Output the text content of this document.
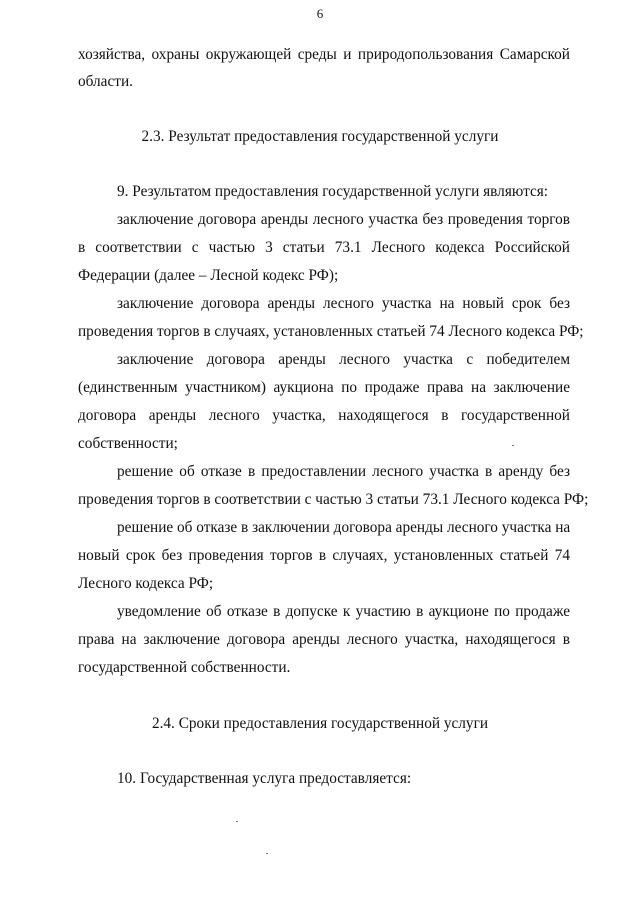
6
хозяйства, охраны окружающей среды и природопользования Самарской
области.
2.3. Результат предоставления государственной услуги
9. Результатом предоставления государственной услуги являются:
заключение договора аренды лесного участка без проведения торгов
в соответствии с частью 3 статьи 73.1 Лесного кодекса Российской
Федерации (далее – Лесной кодекс РФ);
заключение договора аренды лесного участка на новый срок без
проведения торгов в случаях, установленных статьей 74 Лесного кодекса РФ;
заключение договора аренды лесного участка с победителем
(единственным участником) аукциона по продаже права на заключение
договора аренды лесного участка, находящегося в государственной
собственности;
решение об отказе в предоставлении лесного участка в аренду без
проведения торгов в соответствии с частью 3 статьи 73.1 Лесного кодекса РФ;
решение об отказе в заключении договора аренды лесного участка на
новый срок без проведения торгов в случаях, установленных статьей 74
Лесного кодекса РФ;
уведомление об отказе в допуске к участию в аукционе по продаже
права на заключение договора аренды лесного участка, находящегося в
государственной собственности.
2.4. Сроки предоставления государственной услуги
10. Государственная услуга предоставляется:
